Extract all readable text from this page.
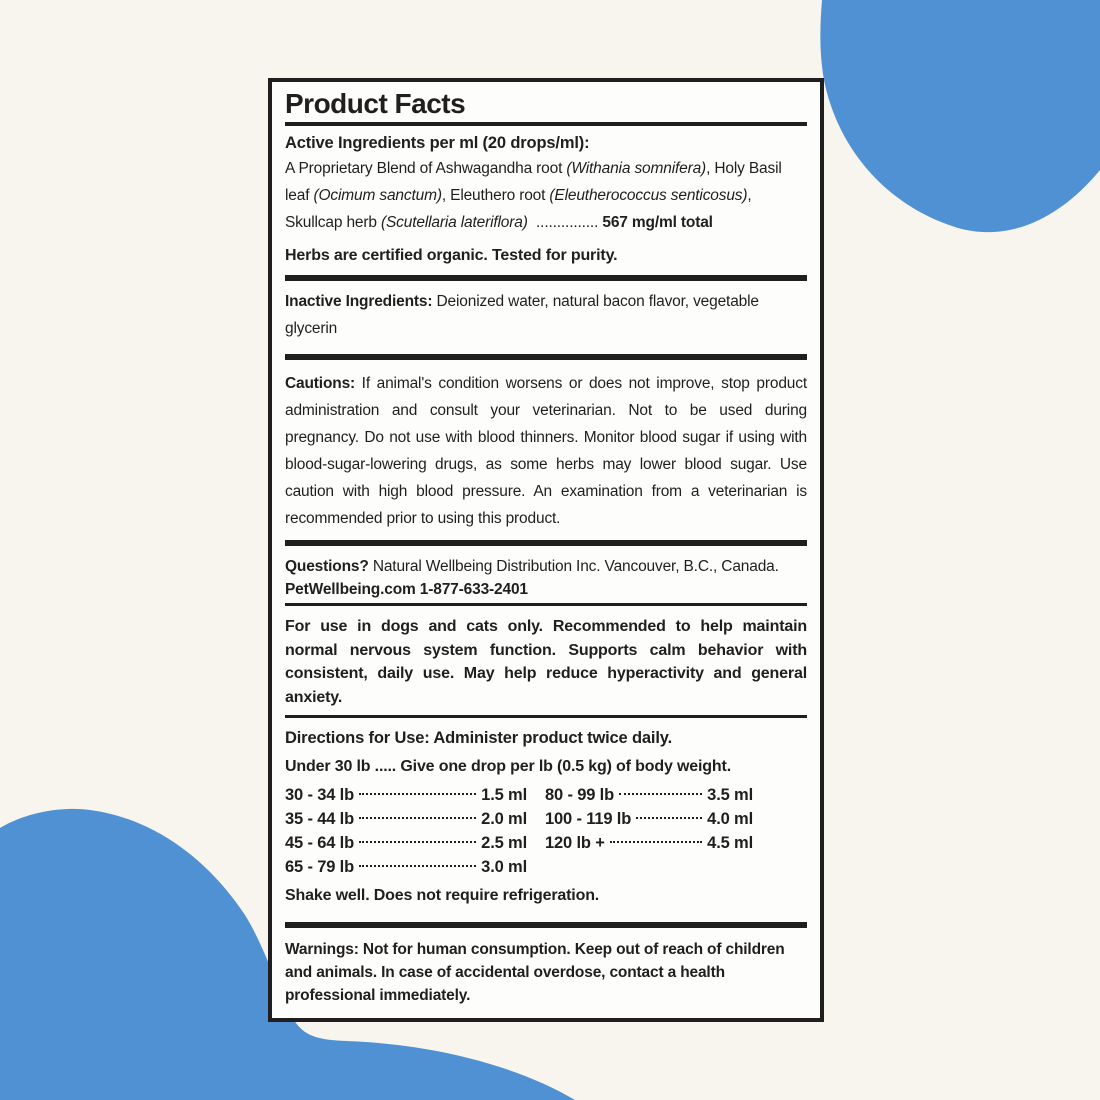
Product Facts
Active Ingredients per ml (20 drops/ml):
A Proprietary Blend of Ashwagandha root (Withania somnifera), Holy Basil leaf (Ocimum sanctum), Eleuthero root (Eleutherococcus senticosus), Skullcap herb (Scutellaria lateriflora)  ............... 567 mg/ml total
Herbs are certified organic. Tested for purity.
Inactive Ingredients: Deionized water, natural bacon flavor, vegetable glycerin
Cautions: If animal's condition worsens or does not improve, stop product administration and consult your veterinarian. Not to be used during pregnancy. Do not use with blood thinners. Monitor blood sugar if using with blood-sugar-lowering drugs, as some herbs may lower blood sugar. Use caution with high blood pressure. An examination from a veterinarian is recommended prior to using this product.
Questions? Natural Wellbeing Distribution Inc. Vancouver, B.C., Canada.
PetWellbeing.com 1-877-633-2401
For use in dogs and cats only. Recommended to help maintain normal nervous system function. Supports calm behavior with consistent, daily use. May help reduce hyperactivity and general anxiety.
Directions for Use: Administer product twice daily.
Under 30 lb ..... Give one drop per lb (0.5 kg) of body weight.
30 - 34 lb	1.5 ml
35 - 44 lb	2.0 ml
45 - 64 lb	2.5 ml
65 - 79 lb	3.0 ml
80 - 99 lb	3.5 ml
100 - 119 lb	4.0 ml
120 lb +	4.5 ml
Shake well. Does not require refrigeration.
Warnings: Not for human consumption. Keep out of reach of children and animals. In case of accidental overdose, contact a health professional immediately.
